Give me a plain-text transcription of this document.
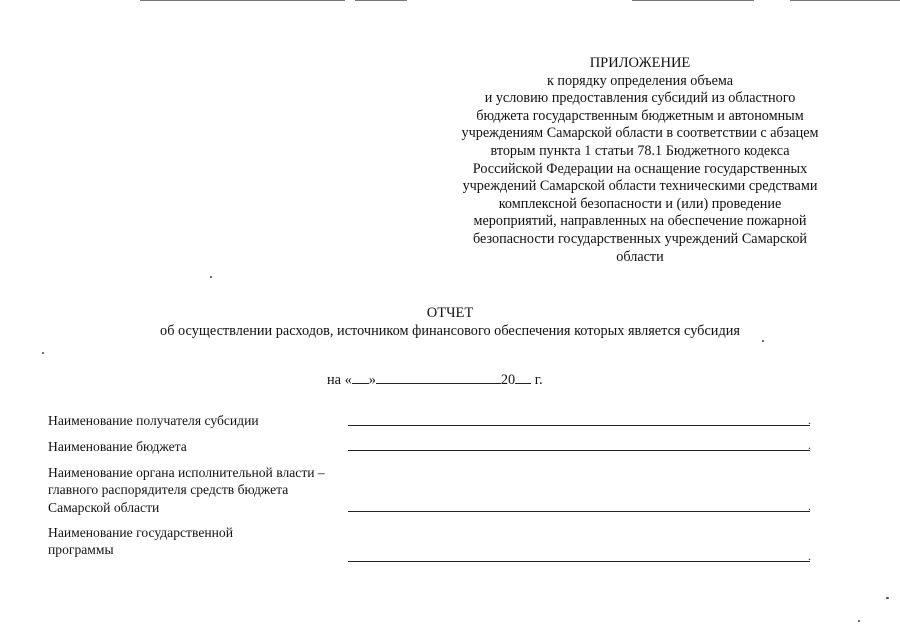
ПРИЛОЖЕНИЕ
к порядку определения объема
и условию предоставления субсидий из областного
бюджета государственным бюджетным и автономным
учреждениям Самарской области в соответствии с абзацем
вторым пункта 1 статьи 78.1 Бюджетного кодекса
Российской Федерации на оснащение государственных
учреждений Самарской области техническими средствами
комплексной безопасности и (или) проведение
мероприятий, направленных на обеспечение пожарной
безопасности государственных учреждений Самарской
области
ОТЧЕТ
об осуществлении расходов, источником финансового обеспечения которых является субсидия
на « »	20 г.
Наименование получателя субсидии	.
Наименование бюджета	.
Наименование органа исполнительной власти –
главного распорядителя средств бюджета
Самарской области	.
Наименование государственной
программы	.
